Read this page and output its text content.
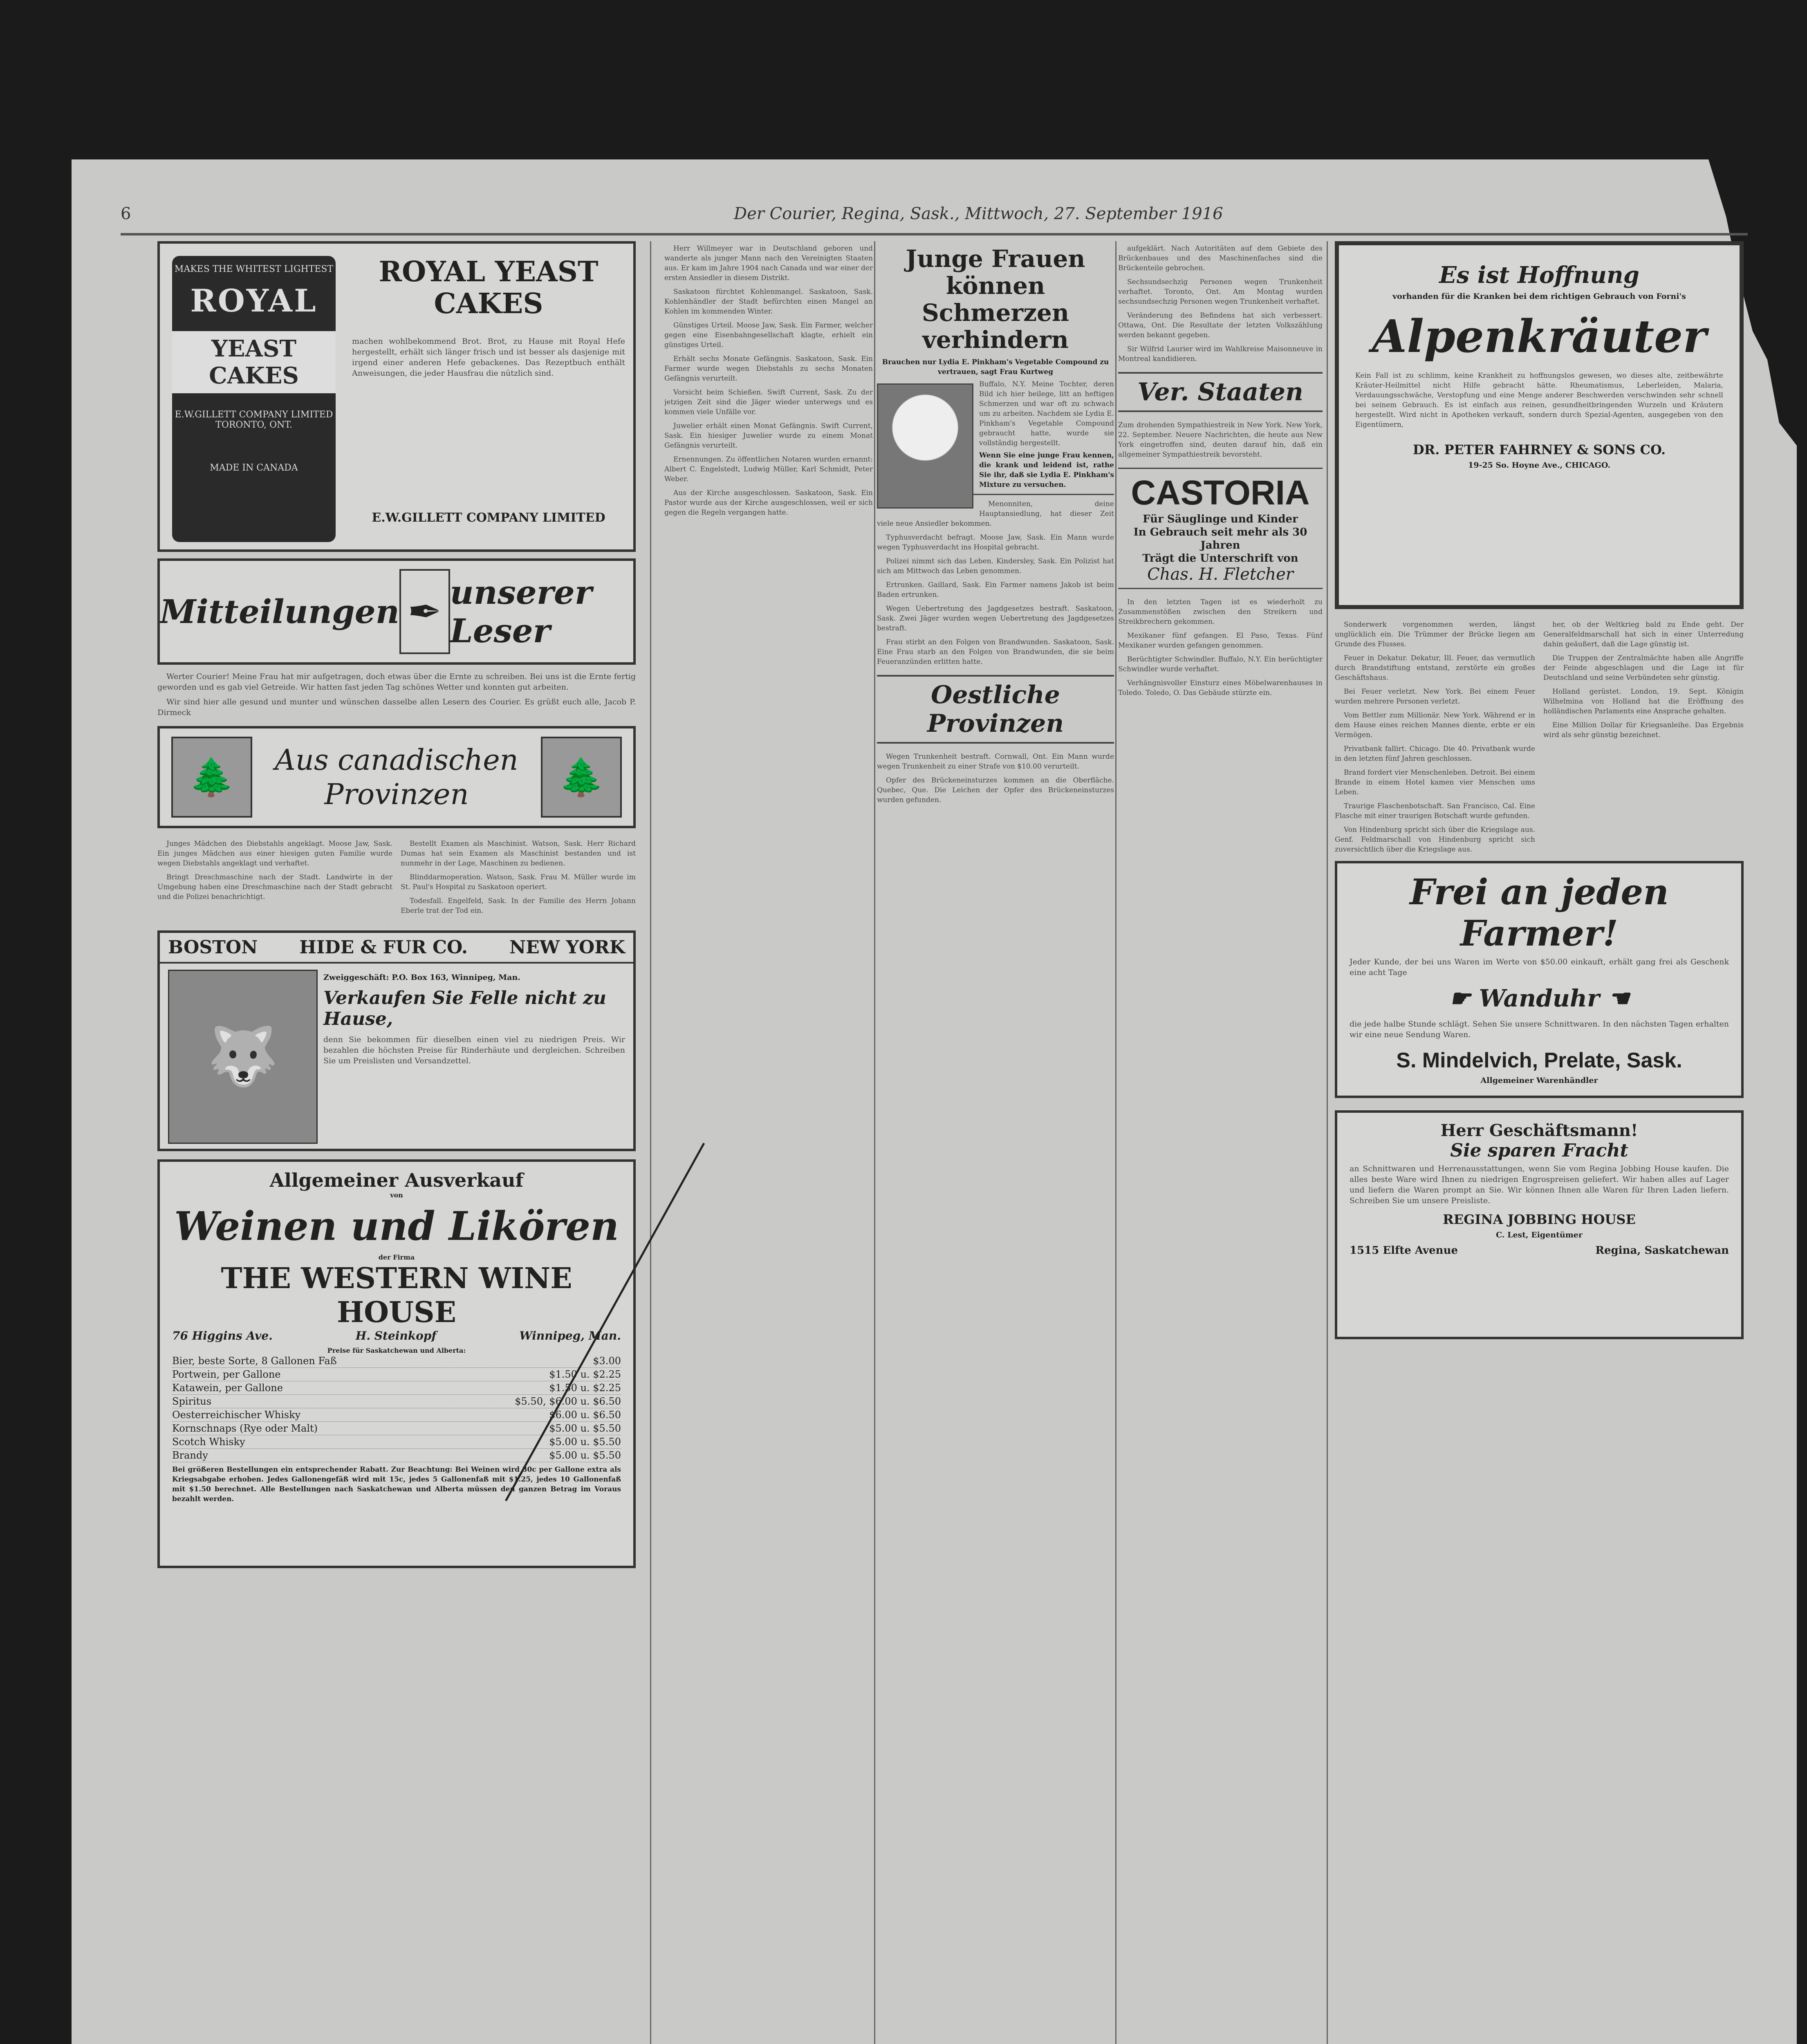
6	Der Courier, Regina, Sask., Mittwoch, 27. September 1916
MAKES THE WHITEST LIGHTEST
ROYAL
YEAST CAKES
E.W.GILLETT COMPANY LIMITED TORONTO, ONT.
MADE IN CANADA
ROYAL YEAST CAKES
machen wohlbekommend Brot. Brot, zu Hause mit Royal Hefe hergestellt, erhält sich länger frisch und ist besser als dasjenige mit irgend einer anderen Hefe gebackenes. Das Rezeptbuch enthält Anweisungen, die jeder Hausfrau die nützlich sind.
E.W.GILLETT COMPANY LIMITED
Mitteilungen ✒ unserer Leser

Werter Courier! Meine Frau hat mir aufgetragen, doch etwas über die Ernte zu schreiben. Bei uns ist die Ernte fertig geworden und es gab viel Getreide. Wir hatten fast jeden Tag schönes Wetter und konnten gut arbeiten.

Wir sind hier alle gesund und munter und wünschen dasselbe allen Lesern des Courier. Es grüßt euch alle, Jacob P. Dirmeck

🌲	Aus canadischen
Provinzen	🌲

Junges Mädchen des Diebstahls angeklagt. Moose Jaw, Sask. Ein junges Mädchen aus einer hiesigen guten Familie wurde wegen Diebstahls angeklagt und verhaftet.

Bringt Dreschmaschine nach der Stadt. Landwirte in der Umgebung haben eine Dreschmaschine nach der Stadt gebracht und die Polizei benachrichtigt.

Bestellt Examen als Maschinist. Watson, Sask. Herr Richard Dumas hat sein Examen als Maschinist bestanden und ist nunmehr in der Lage, Maschinen zu bedienen.

Blinddarmoperation. Watson, Sask. Frau M. Müller wurde im St. Paul's Hospital zu Saskatoon operiert.

Todesfall. Engelfeld, Sask. In der Familie des Herrn Johann Eberle trat der Tod ein.

BOSTON HIDE & FUR CO. NEW YORK
🐺
Zweiggeschäft: P.O. Box 163, Winnipeg, Man.
Verkaufen Sie Felle nicht zu Hause,
denn Sie bekommen für dieselben einen viel zu niedrigen Preis. Wir bezahlen die höchsten Preise für Rinderhäute und dergleichen. Schreiben Sie um Preislisten und Versandzettel.
Allgemeiner Ausverkauf
von
Weinen und Likören
der Firma
THE WESTERN WINE HOUSE
76 Higgins Ave.	H. Steinkopf	Winnipeg, Man.
Preise für Saskatchewan und Alberta:
Bier, beste Sorte, 8 Gallonen Faß	$3.00
Portwein, per Gallone	$1.50 u. $2.25
Katawein, per Gallone	$1.50 u. $2.25
Spiritus	$5.50, $6.00 u. $6.50
Oesterreichischer Whisky	$6.00 u. $6.50
Kornschnaps (Rye oder Malt)	$5.00 u. $5.50
Scotch Whisky	$5.00 u. $5.50
Brandy	$5.00 u. $5.50
Bei größeren Bestellungen ein entsprechender Rabatt. Zur Beachtung: Bei Weinen wird 30c per Gallone extra als Kriegsabgabe erhoben. Jedes Gallonengefäß wird mit 15c, jedes 5 Gallonenfaß mit $1.25, jedes 10 Gallonenfaß mit $1.50 berechnet. Alle Bestellungen nach Saskatchewan und Alberta müssen den ganzen Betrag im Voraus bezahlt werden.

Herr Willmeyer war in Deutschland geboren und wanderte als junger Mann nach den Vereinigten Staaten aus. Er kam im Jahre 1904 nach Canada und war einer der ersten Ansiedler in diesem Distrikt.

Saskatoon fürchtet Kohlenmangel. Saskatoon, Sask. Kohlenhändler der Stadt befürchten einen Mangel an Kohlen im kommenden Winter.

Günstiges Urteil. Moose Jaw, Sask. Ein Farmer, welcher gegen eine Eisenbahngesellschaft klagte, erhielt ein günstiges Urteil.

Erhält sechs Monate Gefängnis. Saskatoon, Sask. Ein Farmer wurde wegen Diebstahls zu sechs Monaten Gefängnis verurteilt.

Vorsicht beim Schießen. Swift Current, Sask. Zu der jetzigen Zeit sind die Jäger wieder unterwegs und es kommen viele Unfälle vor.

Juwelier erhält einen Monat Gefängnis. Swift Current, Sask. Ein hiesiger Juwelier wurde zu einem Monat Gefängnis verurteilt.

Ernennungen. Zu öffentlichen Notaren wurden ernannt: Albert C. Engelstedt, Ludwig Müller, Karl Schmidt, Peter Weber.

Aus der Kirche ausgeschlossen. Saskatoon, Sask. Ein Pastor wurde aus der Kirche ausgeschlossen, weil er sich gegen die Regeln vergangen hatte.

Junge Frauen können Schmerzen verhindern
Brauchen nur Lydia E. Pinkham's Vegetable Compound zu vertrauen, sagt Frau Kurtweg
Buffalo, N.Y. Meine Tochter, deren Bild ich hier beilege, litt an heftigen Schmerzen und war oft zu schwach um zu arbeiten. Nachdem sie Lydia E. Pinkham's Vegetable Compound gebraucht hatte, wurde sie vollständig hergestellt.
Wenn Sie eine junge Frau kennen, die krank und leidend ist, rathe Sie ihr, daß sie Lydia E. Pinkham's Mixture zu versuchen.

Menonniten, deine Hauptansiedlung, hat dieser Zeit viele neue Ansiedler bekommen.

Typhusverdacht befragt. Moose Jaw, Sask. Ein Mann wurde wegen Typhusverdacht ins Hospital gebracht.

Polizei nimmt sich das Leben. Kindersley, Sask. Ein Polizist hat sich am Mittwoch das Leben genommen.

Ertrunken. Gaillard, Sask. Ein Farmer namens Jakob ist beim Baden ertrunken.

Wegen Uebertretung des Jagdgesetzes bestraft. Saskatoon, Sask. Zwei Jäger wurden wegen Uebertretung des Jagdgesetzes bestraft.

Frau stirbt an den Folgen von Brandwunden. Saskatoon, Sask. Eine Frau starb an den Folgen von Brandwunden, die sie beim Feueranzünden erlitten hatte.

Oestliche Provinzen

Wegen Trunkenheit bestraft. Cornwall, Ont. Ein Mann wurde wegen Trunkenheit zu einer Strafe von $10.00 verurteilt.

Opfer des Brückeneinsturzes kommen an die Oberfläche. Quebec, Que. Die Leichen der Opfer des Brückeneinsturzes wurden gefunden.

aufgeklärt. Nach Autoritäten auf dem Gebiete des Brückenbaues und des Maschinenfaches sind die Brückenteile gebrochen.

Sechsundsechzig Personen wegen Trunkenheit verhaftet. Toronto, Ont. Am Montag wurden sechsundsechzig Personen wegen Trunkenheit verhaftet.

Veränderung des Befindens hat sich verbessert. Ottawa, Ont. Die Resultate der letzten Volkszählung werden bekannt gegeben.

Sir Wilfrid Laurier wird im Wahlkreise Maisonneuve in Montreal kandidieren.

Ver. Staaten
Zum drohenden Sympathiestreik in New York. New York, 22. September. Neuere Nachrichten, die heute aus New York eingetroffen sind, deuten darauf hin, daß ein allgemeiner Sympathiestreik bevorsteht.
CASTORIA
Für Säuglinge und Kinder
In Gebrauch seit mehr als 30 Jahren
Trägt die Unterschrift von
Chas. H. Fletcher

In den letzten Tagen ist es wiederholt zu Zusammenstößen zwischen den Streikern und Streikbrechern gekommen.

Mexikaner fünf gefangen. El Paso, Texas. Fünf Mexikaner wurden gefangen genommen.

Berüchtigter Schwindler. Buffalo, N.Y. Ein berüchtigter Schwindler wurde verhaftet.

Verhängnisvoller Einsturz eines Möbelwarenhauses in Toledo. Toledo, O. Das Gebäude stürzte ein.

Es ist Hoffnung
vorhanden für die Kranken bei dem richtigen Gebrauch von Forni's
Alpenkräuter
Kein Fall ist zu schlimm, keine Krankheit zu hoffnungslos gewesen, wo dieses alte, zeitbewährte Kräuter-Heilmittel nicht Hilfe gebracht hätte. Rheumatismus, Leberleiden, Malaria, Verdauungsschwäche, Verstopfung und eine Menge anderer Beschwerden verschwinden sehr schnell bei seinem Gebrauch. Es ist einfach aus reinen, gesundheitbringenden Wurzeln und Kräutern hergestellt. Wird nicht in Apotheken verkauft, sondern durch Spezial-Agenten, ausgegeben von den Eigentümern,
DR. PETER FAHRNEY & SONS CO.
19-25 So. Hoyne Ave., CHICAGO.

Sonderwerk vorgenommen werden, längst unglücklich ein. Die Trümmer der Brücke liegen am Grunde des Flusses.

Feuer in Dekatur. Dekatur, Ill. Feuer, das vermutlich durch Brandstiftung entstand, zerstörte ein großes Geschäftshaus.

Bei Feuer verletzt. New York. Bei einem Feuer wurden mehrere Personen verletzt.

Vom Bettler zum Millionär. New York. Während er in dem Hause eines reichen Mannes diente, erbte er ein Vermögen.

Privatbank fallirt. Chicago. Die 40. Privatbank wurde in den letzten fünf Jahren geschlossen.

Brand fordert vier Menschenleben. Detroit. Bei einem Brande in einem Hotel kamen vier Menschen ums Leben.

Traurige Flaschenbotschaft. San Francisco, Cal. Eine Flasche mit einer traurigen Botschaft wurde gefunden.

Von Hindenburg spricht sich über die Kriegslage aus. Genf. Feldmarschall von Hindenburg spricht sich zuversichtlich über die Kriegslage aus.

her, ob der Weltkrieg bald zu Ende geht. Der Generalfeldmarschall hat sich in einer Unterredung dahin geäußert, daß die Lage günstig ist.

Die Truppen der Zentralmächte haben alle Angriffe der Feinde abgeschlagen und die Lage ist für Deutschland und seine Verbündeten sehr günstig.

Holland gerüstet. London, 19. Sept. Königin Wilhelmina von Holland hat die Eröffnung des holländischen Parlaments eine Ansprache gehalten.

Eine Million Dollar für Kriegsanleihe. Das Ergebnis wird als sehr günstig bezeichnet.

Frei an jeden Farmer!
Jeder Kunde, der bei uns Waren im Werte von $50.00 einkauft, erhält gang frei als Geschenk eine acht Tage
☛ Wanduhr ☚
die jede halbe Stunde schlägt. Sehen Sie unsere Schnittwaren. In den nächsten Tagen erhalten wir eine neue Sendung Waren.
S. Mindelvich, Prelate, Sask.
Allgemeiner Warenhändler
Herr Geschäftsmann!
Sie sparen Fracht
an Schnittwaren und Herrenausstattungen, wenn Sie vom Regina Jobbing House kaufen. Die alles beste Ware wird Ihnen zu niedrigen Engrospreisen geliefert. Wir haben alles auf Lager und liefern die Waren prompt an Sie. Wir können Ihnen alle Waren für Ihren Laden liefern. Schreiben Sie um unsere Preisliste.
REGINA JOBBING HOUSE
C. Lest, Eigentümer
1515 Elfte Avenue	Regina, Saskatchewan
